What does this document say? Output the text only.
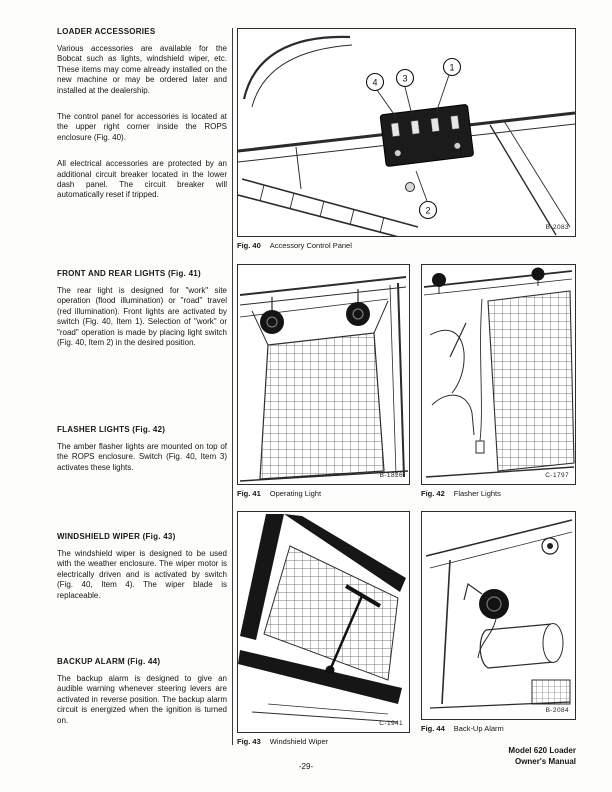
LOADER ACCESSORIES

Various accessories are available for the Bobcat such as lights, windshield wiper, etc. These items may come already installed on the new machine or may be ordered later and installed at the dealership.

The control panel for accessories is located at the upper right corner inside the ROPS enclosure (Fig. 40).

All electrical accessories are protected by an additional circuit breaker located in the lower dash panel. The circuit breaker will automatically reset if tripped.

FRONT AND REAR LIGHTS (Fig. 41)

The rear light is designed for "work" site operation (flood illumination) or "road" travel (red illumination). Front lights are activated by switch (Fig. 40, Item 1). Selection of "work" or "road" operation is made by placing light switch (Fig. 40, Item 2) in the desired position.

FLASHER LIGHTS (Fig. 42)

The amber flasher lights are mounted on top of the ROPS enclosure. Switch (Fig. 40, Item 3) activates these lights.

WINDSHIELD WIPER (Fig. 43)

The windshield wiper is designed to be used with the weather enclosure. The wiper motor is electrically driven and is activated by switch (Fig. 40, Item 4). The wiper blade is replaceable.

BACKUP ALARM (Fig. 44)

The backup alarm is designed to give an audible warning whenever steering levers are activated in reverse position. The backup alarm circuit is energized when the ignition is turned on.

1
3
4
2
B-2083
Fig. 40 Accessory Control Panel
B-1826
Fig. 41 Operating Light
C-1797
Fig. 42 Flasher Lights
C-1941
Fig. 43 Windshield Wiper
B-2084
Fig. 44 Back-Up Alarm
-29-
Model 620 Loader
Owner's Manual
